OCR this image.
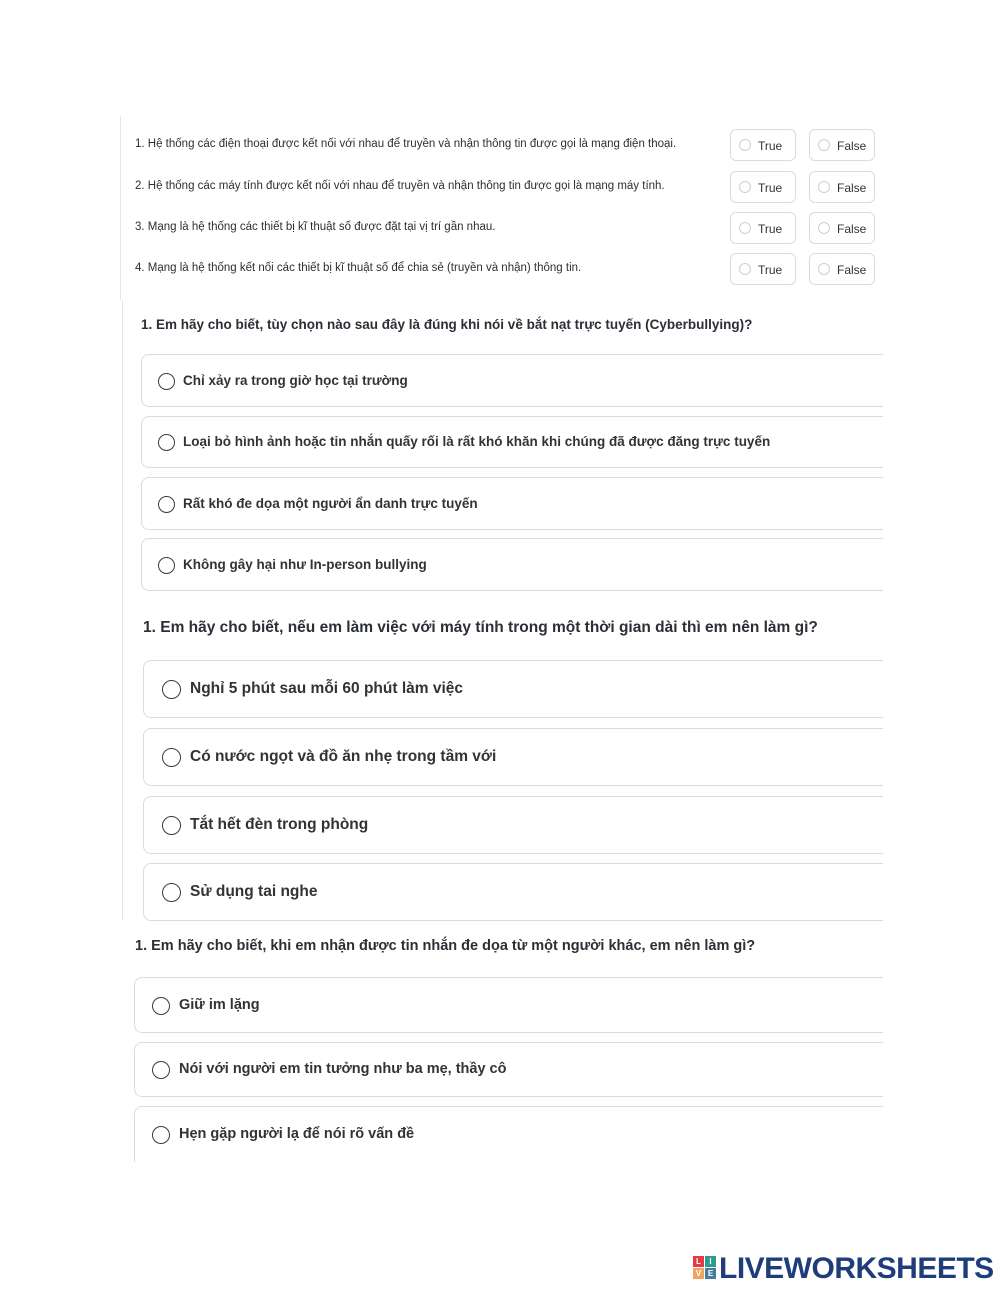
1. Hệ thống các điện thoại được kết nối với nhau để truyền và nhận thông tin được gọi là mạng điện thoại.	True	False
2. Hệ thống các máy tính được kết nối với nhau để truyền và nhận thông tin được gọi là mạng máy tính.	True	False
3. Mạng là hệ thống các thiết bị kĩ thuật số được đặt tại vị trí gần nhau.	True	False
4. Mạng là hệ thống kết nối các thiết bị kĩ thuật số để chia sẻ (truyền và nhận) thông tin.	True	False
1. Em hãy cho biết, tùy chọn nào sau đây là đúng khi nói về bắt nạt trực tuyến (Cyberbullying)?
Chỉ xảy ra trong giờ học tại trường
Loại bỏ hình ảnh hoặc tin nhắn quấy rối là rất khó khăn khi chúng đã được đăng trực tuyến
Rất khó đe dọa một người ẩn danh trực tuyến
Không gây hại như In-person bullying
1. Em hãy cho biết, nếu em làm việc với máy tính trong một thời gian dài thì em nên làm gì?
Nghỉ 5 phút sau mỗi 60 phút làm việc
Có nước ngọt và đồ ăn nhẹ trong tầm với
Tắt hết đèn trong phòng
Sử dụng tai nghe
1. Em hãy cho biết, khi em nhận được tin nhắn đe dọa từ một người khác, em nên làm gì?
Giữ im lặng
Nói với người em tin tưởng như ba mẹ, thầy cô
Hẹn gặp người lạ để nói rõ vấn đề
L	I
V E LIVEWORKSHEETS
